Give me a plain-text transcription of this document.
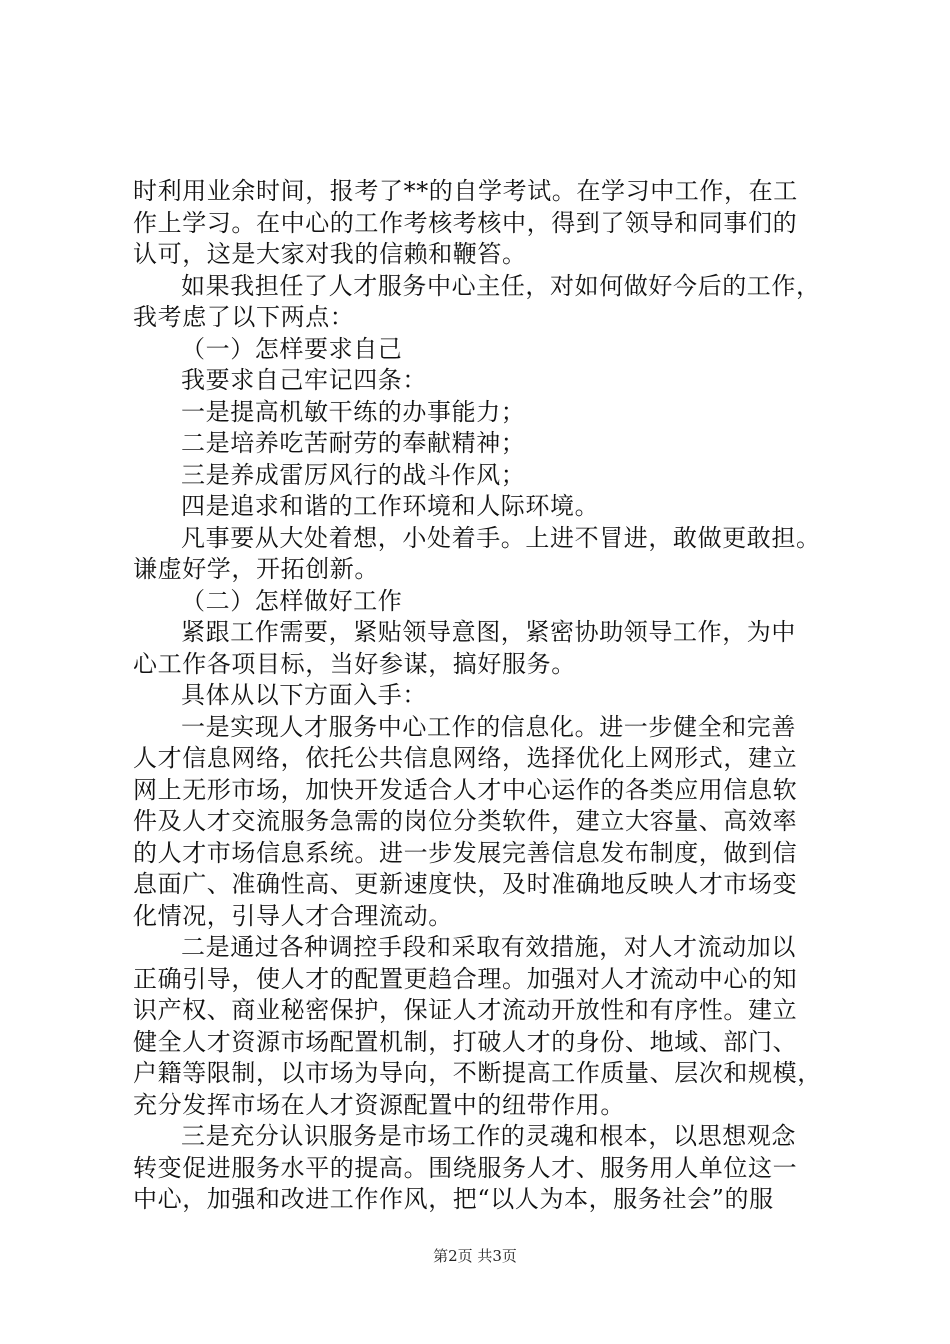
时利用业余时间，报考了**的自学考试。在学习中工作，在工
作上学习。在中心的工作考核考核中，得到了领导和同事们的
认可，这是大家对我的信赖和鞭笞。
如果我担任了人才服务中心主任，对如何做好今后的工作，
我考虑了以下两点：
（一）怎样要求自己
我要求自己牢记四条：
一是提高机敏干练的办事能力；
二是培养吃苦耐劳的奉献精神；
三是养成雷厉风行的战斗作风；
四是追求和谐的工作环境和人际环境。
凡事要从大处着想，小处着手。上进不冒进，敢做更敢担。
谦虚好学，开拓创新。
（二）怎样做好工作
紧跟工作需要，紧贴领导意图，紧密协助领导工作，为中
心工作各项目标，当好参谋，搞好服务。
具体从以下方面入手：
一是实现人才服务中心工作的信息化。进一步健全和完善
人才信息网络，依托公共信息网络，选择优化上网形式，建立
网上无形市场，加快开发适合人才中心运作的各类应用信息软
件及人才交流服务急需的岗位分类软件，建立大容量、高效率
的人才市场信息系统。进一步发展完善信息发布制度，做到信
息面广、准确性高、更新速度快，及时准确地反映人才市场变
化情况，引导人才合理流动。
二是通过各种调控手段和采取有效措施，对人才流动加以
正确引导，使人才的配置更趋合理。加强对人才流动中心的知
识产权、商业秘密保护，保证人才流动开放性和有序性。建立
健全人才资源市场配置机制，打破人才的身份、地域、部门、
户籍等限制，以市场为导向，不断提高工作质量、层次和规模，
充分发挥市场在人才资源配置中的纽带作用。
三是充分认识服务是市场工作的灵魂和根本，以思想观念
转变促进服务水平的提高。围绕服务人才、服务用人单位这一
中心，加强和改进工作作风，把“以人为本，服务社会”的服
第2页 共3页
